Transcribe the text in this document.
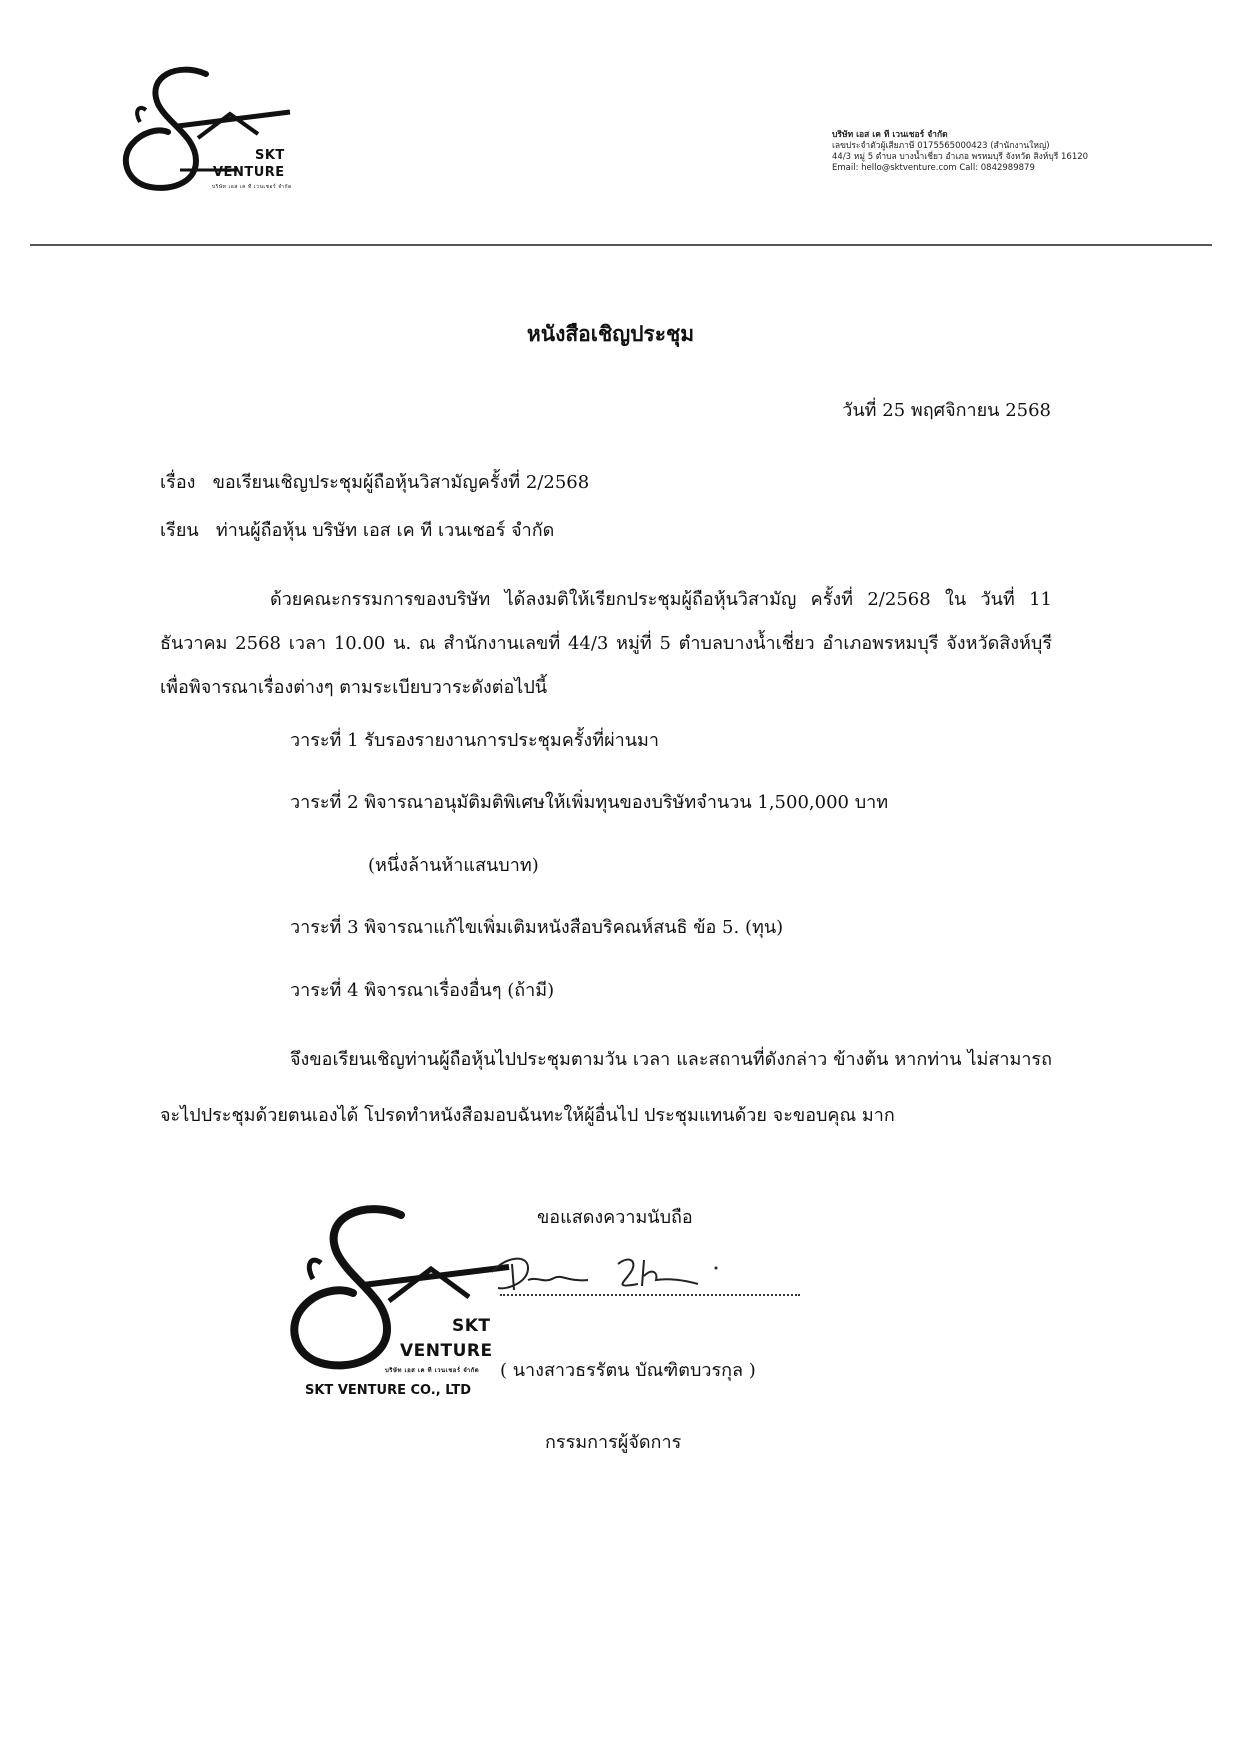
SKT
VENTURE
บริษัท เอส เค ที เวนเชอร์ จำกัด
บริษัท เอส เค ที เวนเชอร์ จำกัด
เลขประจำตัวผู้เสียภาษี 0175565000423 (สำนักงานใหญ่)
44/3 หมู่ 5 ตำบล บางน้ำเชี่ยว อำเภอ พรหมบุรี จังหวัด สิงห์บุรี 16120
Email: hello@sktventure.com Call: 0842989879
หนังสือเชิญประชุม
วันที่ 25 พฤศจิกายน 2568
เรื่อง ขอเรียนเชิญประชุมผู้ถือหุ้นวิสามัญครั้งที่ 2/2568
เรียน ท่านผู้ถือหุ้น บริษัท เอส เค ที เวนเชอร์ จำกัด
ด้วยคณะกรรมการของบริษัท ได้ลงมติให้เรียกประชุมผู้ถือหุ้นวิสามัญ ครั้งที่ 2/2568 ใน วันที่ 11 ธันวาคม 2568 เวลา 10.00 น. ณ สำนักงานเลขที่ 44/3 หมู่ที่ 5 ตำบลบางน้ำเชี่ยว อำเภอพรหมบุรี จังหวัดสิงห์บุรี เพื่อพิจารณาเรื่องต่างๆ ตามระเบียบวาระดังต่อไปนี้
วาระที่ 1 รับรองรายงานการประชุมครั้งที่ผ่านมา
วาระที่ 2 พิจารณาอนุมัติมติพิเศษให้เพิ่มทุนของบริษัทจำนวน 1,500,000 บาท
(หนึ่งล้านห้าแสนบาท)
วาระที่ 3 พิจารณาแก้ไขเพิ่มเติมหนังสือบริคณห์สนธิ ข้อ 5. (ทุน)
วาระที่ 4 พิจารณาเรื่องอื่นๆ (ถ้ามี)
จึงขอเรียนเชิญท่านผู้ถือหุ้นไปประชุมตามวัน เวลา และสถานที่ดังกล่าว ข้างต้น หากท่าน ไม่สามารถจะไปประชุมด้วยตนเองได้ โปรดทำหนังสือมอบฉันทะให้ผู้อื่นไป ประชุมแทนด้วย จะขอบคุณ มาก
ขอแสดงความนับถือ
SKT
VENTURE
บริษัท เอส เค ที เวนเชอร์ จำกัด
SKT VENTURE CO., LTD
( นางสาวธรรัตน บัณฑิตบวรกุล )
กรรมการผู้จัดการ
